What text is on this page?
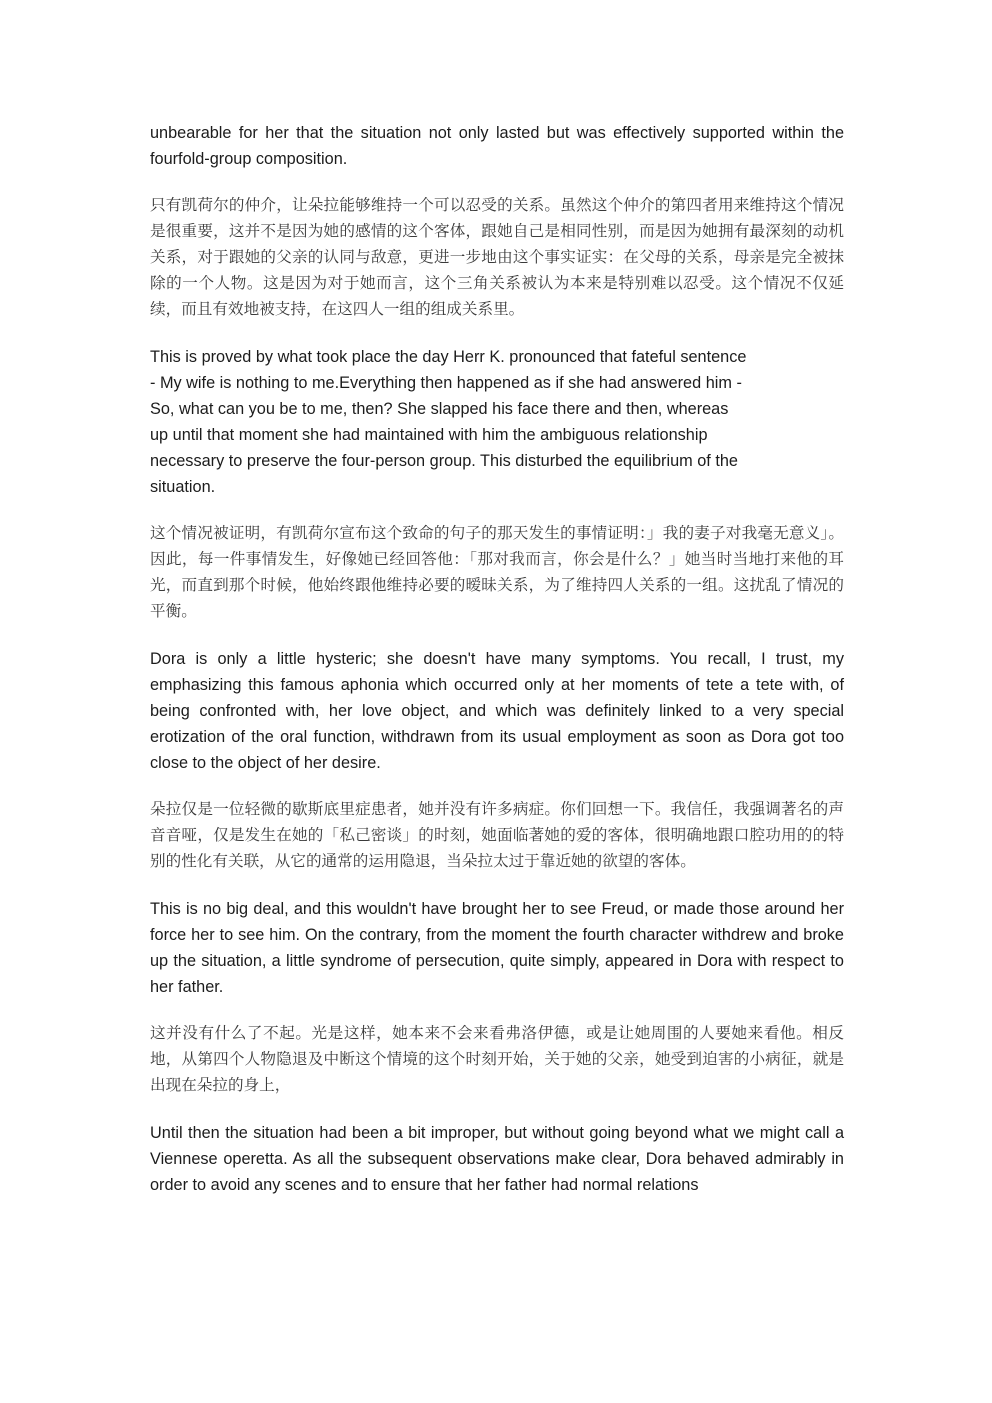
unbearable for her that the situation not only lasted but was effectively supported within the fourfold-group composition.

只有凯荷尔的仲介，让朵拉能够维持一个可以忍受的关系。虽然这个仲介的第四者用来维持这个情况是很重要，这并不是因为她的感情的这个客体，跟她自己是相同性别，而是因为她拥有最深刻的动机关系，对于跟她的父亲的认同与敌意，更进一步地由这个事实证实：在父母的关系，母亲是完全被抹除的一个人物。这是因为对于她而言，这个三角关系被认为本来是特别难以忍受。这个情况不仅延续，而且有效地被支持，在这四人一组的组成关系里。

This is proved by what took place the day Herr K. pronounced that fateful sentence - My wife is nothing to me.Everything then happened as if she had answered him - So, what can you be to me, then? She slapped his face there and then, whereas up until that moment she had maintained with him the ambiguous relationship necessary to preserve the four-person group. This disturbed the equilibrium of the situation.

这个情况被证明，有凯荷尔宣布这个致命的句子的那天发生的事情证明：」我的妻子对我毫无意义」。因此，每一件事情发生，好像她已经回答他：「那对我而言，你会是什么？」她当时当地打来他的耳光，而直到那个时候，他始终跟他维持必要的暧昧关系，为了维持四人关系的一组。这扰乱了情况的平衡。

Dora is only a little hysteric; she doesn't have many symptoms. You recall, I trust, my emphasizing this famous aphonia which occurred only at her moments of tete a tete with, of being confronted with, her love object, and which was definitely linked to a very special erotization of the oral function, withdrawn from its usual employment as soon as Dora got too close to the object of her desire.

朵拉仅是一位轻微的歇斯底里症患者，她并没有许多病症。你们回想一下。我信任，我强调著名的声音音哑，仅是发生在她的「私己密谈」的时刻，她面临著她的爱的客体，很明确地跟口腔功用的的特别的性化有关联，从它的通常的运用隐退，当朵拉太过于靠近她的欲望的客体。

This is no big deal, and this wouldn't have brought her to see Freud, or made those around her force her to see him. On the contrary, from the moment the fourth character withdrew and broke up the situation, a little syndrome of persecution, quite simply, appeared in Dora with respect to her father.

这并没有什么了不起。光是这样，她本来不会来看弗洛伊德，或是让她周围的人要她来看他。相反地，从第四个人物隐退及中断这个情境的这个时刻开始，关于她的父亲，她受到迫害的小病征，就是出现在朵拉的身上，

Until then the situation had been a bit improper, but without going beyond what we might call a Viennese operetta. As all the subsequent observations make clear, Dora behaved admirably in order to avoid any scenes and to ensure that her father had normal relations
